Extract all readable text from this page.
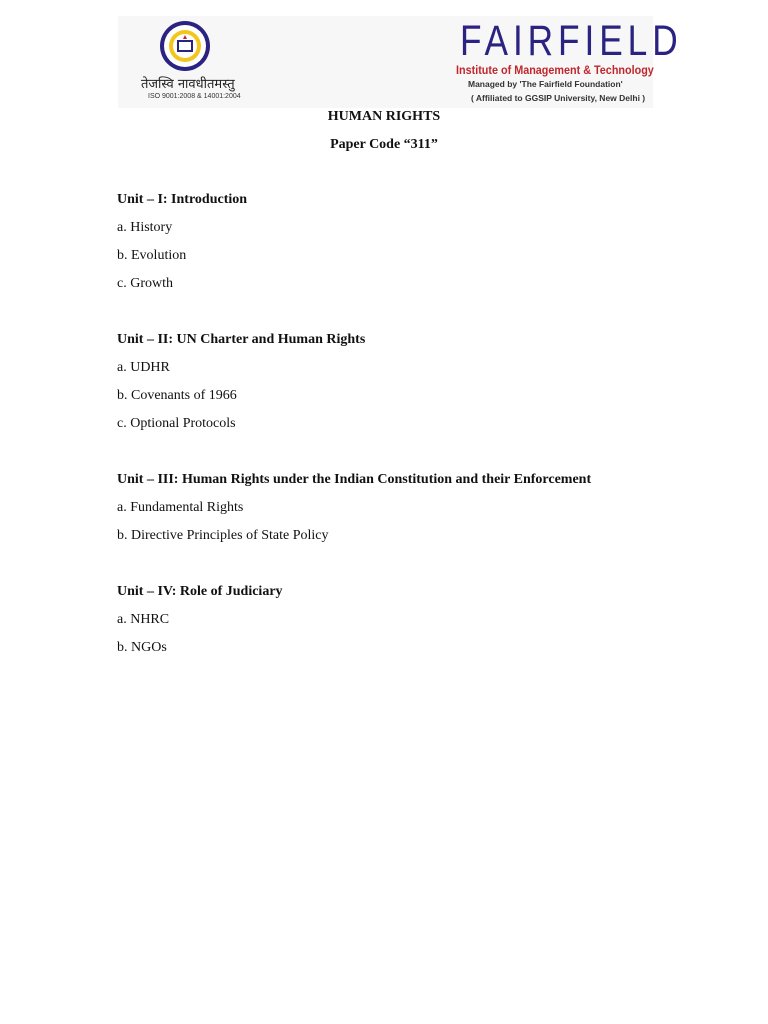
तेजस्वि नावधीतमस्तु
ISO 9001:2008 & 14001:2004
FAIRFIELD
Institute of Management & Technology
Managed by 'The Fairfield Foundation'
( Affiliated to GGSIP University, New Delhi )
HUMAN RIGHTS
Paper Code “311”
Unit – I: Introduction
a. History
b. Evolution
c. Growth
Unit – II: UN Charter and Human Rights
a. UDHR
b. Covenants of 1966
c. Optional Protocols
Unit – III: Human Rights under the Indian Constitution and their Enforcement
a. Fundamental Rights
b. Directive Principles of State Policy
Unit – IV: Role of Judiciary
a. NHRC
b. NGOs
